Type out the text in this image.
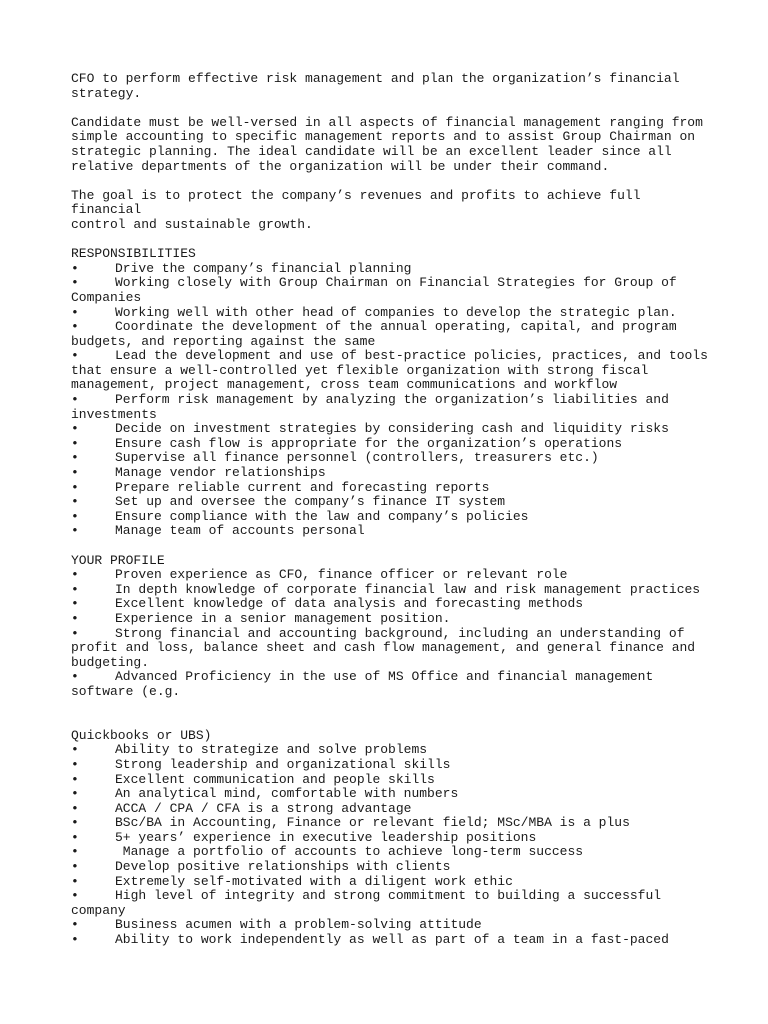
CFO to perform effective risk management and plan the organization’s financial
strategy.

Candidate must be well-versed in all aspects of financial management ranging from
simple accounting to specific management reports and to assist Group Chairman on
strategic planning. The ideal candidate will be an excellent leader since all
relative departments of the organization will be under their command.

The goal is to protect the company’s revenues and profits to achieve full financial
control and sustainable growth.

RESPONSIBILITIES

•	Drive the company’s financial planning

•	Working closely with Group Chairman on Financial Strategies for Group of
Companies

•	Working well with other head of companies to develop the strategic plan.

•	Coordinate the development of the annual operating, capital, and program
budgets, and reporting against the same

•	Lead the development and use of best-practice policies, practices, and tools
that ensure a well-controlled yet flexible organization with strong fiscal
management, project management, cross team communications and workflow

•	Perform risk management by analyzing the organization’s liabilities and
investments

•	Decide on investment strategies by considering cash and liquidity risks

•	Ensure cash flow is appropriate for the organization’s operations

•	Supervise all finance personnel (controllers, treasurers etc.)

•	Manage vendor relationships

•	Prepare reliable current and forecasting reports

•	Set up and oversee the company’s finance IT system

•	Ensure compliance with the law and company’s policies

•	Manage team of accounts personal

YOUR PROFILE

•	Proven experience as CFO, finance officer or relevant role

•	In depth knowledge of corporate financial law and risk management practices

•	Excellent knowledge of data analysis and forecasting methods

•	Experience in a senior management position.

•	Strong financial and accounting background, including an understanding of
profit and loss, balance sheet and cash flow management, and general finance and
budgeting.

•	Advanced Proficiency in the use of MS Office and financial management
software (e.g.

Quickbooks or UBS)

•	Ability to strategize and solve problems

•	Strong leadership and organizational skills

•	Excellent communication and people skills

•	An analytical mind, comfortable with numbers

•	ACCA / CPA / CFA is a strong advantage

•	BSc/BA in Accounting, Finance or relevant field; MSc/MBA is a plus

•	5+ years’ experience in executive leadership positions

•	Manage a portfolio of accounts to achieve long-term success

•	Develop positive relationships with clients

•	Extremely self-motivated with a diligent work ethic

•	High level of integrity and strong commitment to building a successful
company

•	Business acumen with a problem-solving attitude

•	Ability to work independently as well as part of a team in a fast-paced
